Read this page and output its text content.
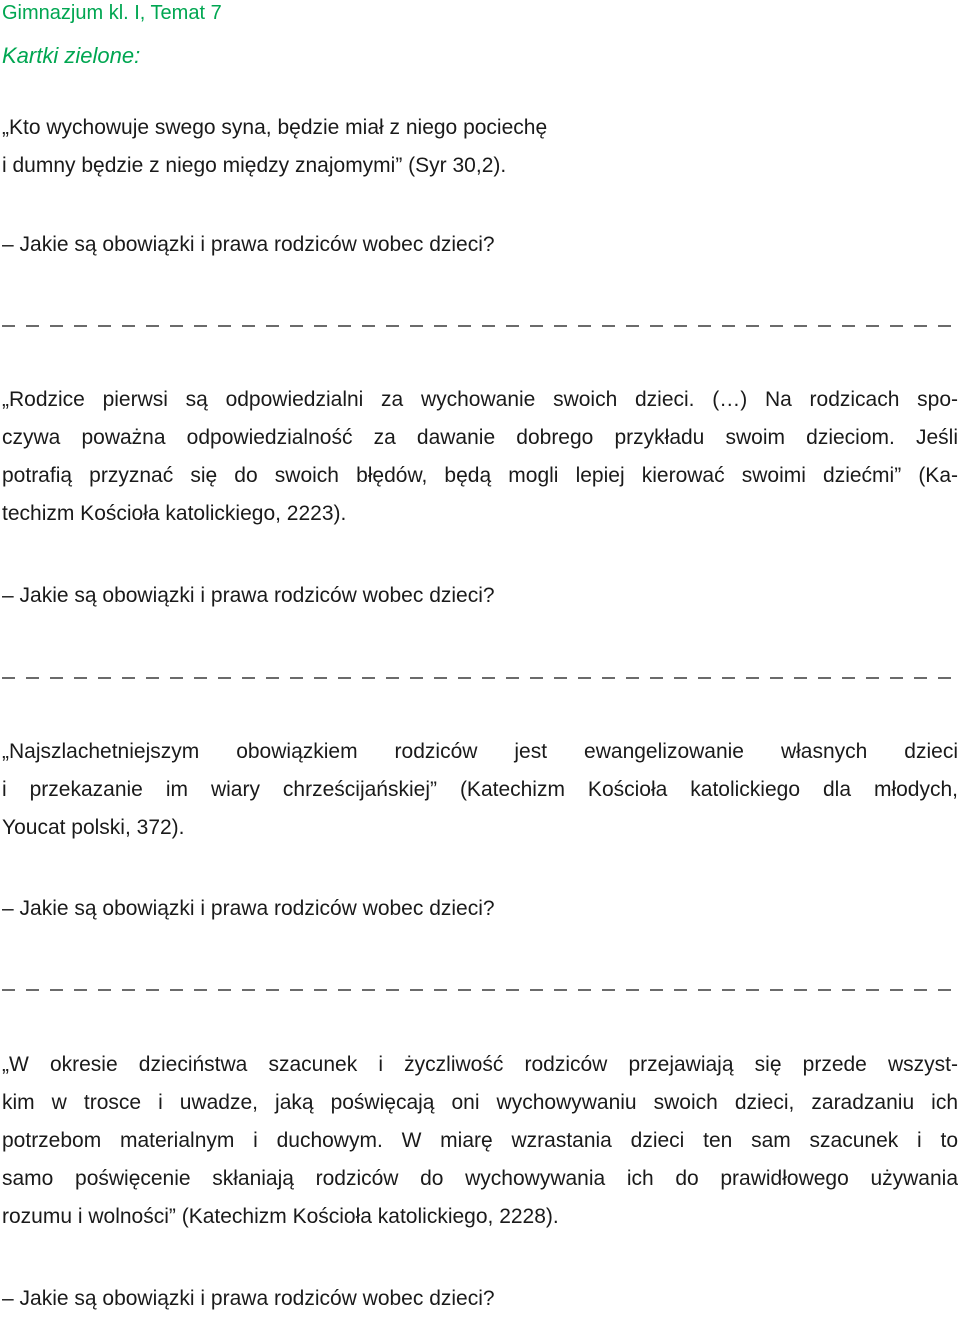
Gimnazjum kl. I, Temat 7
Kartki zielone:
„Kto wychowuje swego syna, będzie miał z niego pociechę
i dumny będzie z niego między znajomymi” (Syr 30,2).
– Jakie są obowiązki i prawa rodziców wobec dzieci?
„Rodzice pierwsi są odpowiedzialni za wychowanie swoich dzieci. (…) Na rodzicach spo-
czywa poważna odpowiedzialność za dawanie dobrego przykładu swoim dzieciom. Jeśli
potrafią przyznać się do swoich błędów, będą mogli lepiej kierować swoimi dziećmi” (Ka-
techizm Kościoła katolickiego, 2223).
– Jakie są obowiązki i prawa rodziców wobec dzieci?
„Najszlachetniejszym obowiązkiem rodziców jest ewangelizowanie własnych dzieci
i przekazanie im wiary chrześcijańskiej” (Katechizm Kościoła katolickiego dla młodych,
Youcat polski, 372).
– Jakie są obowiązki i prawa rodziców wobec dzieci?
„W okresie dzieciństwa szacunek i życzliwość rodziców przejawiają się przede wszyst-
kim w trosce i uwadze, jaką poświęcają oni wychowywaniu swoich dzieci, zaradzaniu ich
potrzebom materialnym i duchowym. W miarę wzrastania dzieci ten sam szacunek i to
samo poświęcenie skłaniają rodziców do wychowywania ich do prawidłowego używania
rozumu i wolności” (Katechizm Kościoła katolickiego, 2228).
– Jakie są obowiązki i prawa rodziców wobec dzieci?
